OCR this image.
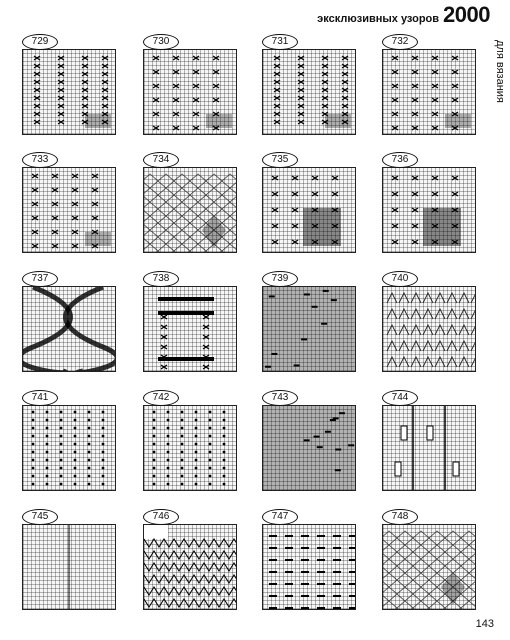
эксклюзивных узоров 2000
для вязания
143
729	730	731	732
733	734	735	736
737	738	739	740
741	742	743	744
745	746	747	748
